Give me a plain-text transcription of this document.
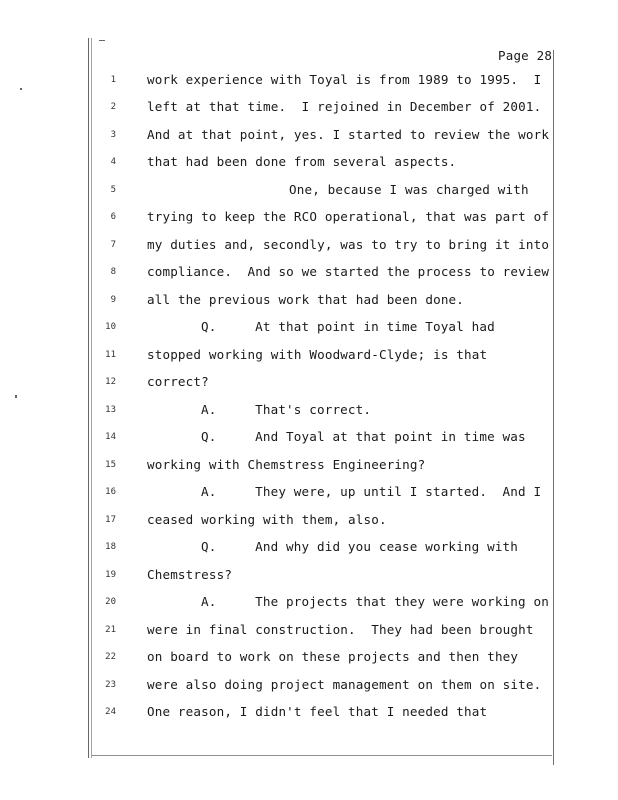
Page 28
1 work experience with Toyal is from 1989 to 1995.  I
2 left at that time.  I rejoined in December of 2001.
3 And at that point, yes. I started to review the work
4 that had been done from several aspects.
5	One, because I was charged with
6 trying to keep the RCO operational, that was part of
7 my duties and, secondly, was to try to bring it into
8 compliance.  And so we started the process to review
9 all the previous work that had been done.
10	Q.     At that point in time Toyal had
11 stopped working with Woodward-Clyde; is that
12 correct?
13	A.     That's correct.
14	Q.     And Toyal at that point in time was
15 working with Chemstress Engineering?
16	A.     They were, up until I started.  And I
17 ceased working with them, also.
18	Q.     And why did you cease working with
19 Chemstress?
20	A.     The projects that they were working on
21 were in final construction.  They had been brought
22 on board to work on these projects and then they
23 were also doing project management on them on site.
24 One reason, I didn't feel that I needed that
